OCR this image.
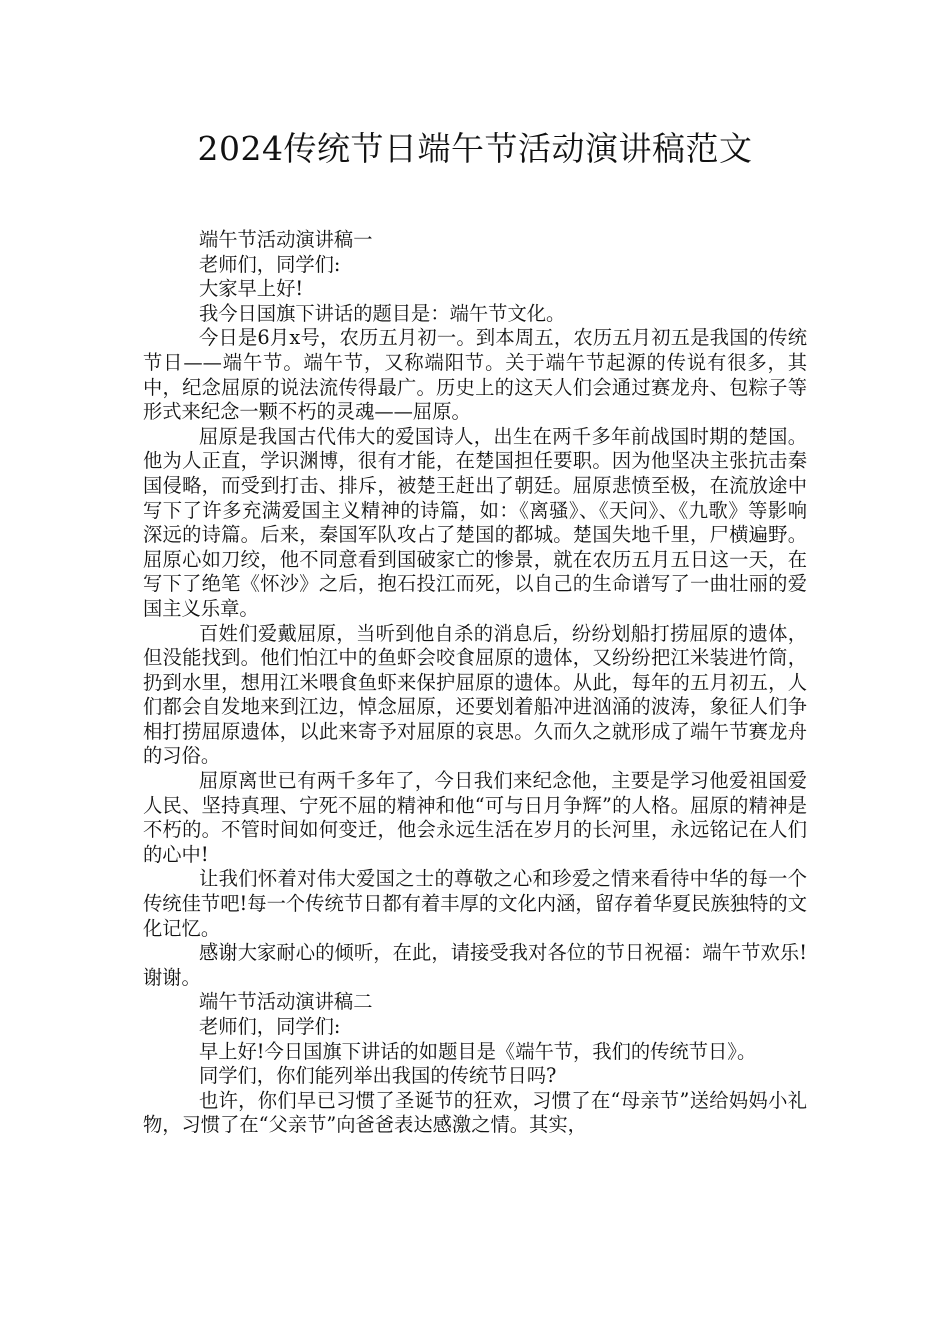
2024传统节日端午节活动演讲稿范文

端午节活动演讲稿一

老师们，同学们:

大家早上好!

我今日国旗下讲话的题目是：端午节文化。

今日是6月x号，农历五月初一。到本周五，农历五月初五是我国的传统节日——端午节。端午节，又称端阳节。关于端午节起源的传说有很多，其中，纪念屈原的说法流传得最广。历史上的这天人们会通过赛龙舟、包粽子等形式来纪念一颗不朽的灵魂——屈原。

屈原是我国古代伟大的爱国诗人，出生在两千多年前战国时期的楚国。他为人正直，学识渊博，很有才能，在楚国担任要职。因为他坚决主张抗击秦国侵略，而受到打击、排斥，被楚王赶出了朝廷。屈原悲愤至极，在流放途中写下了许多充满爱国主义精神的诗篇，如：《离骚》、《天问》、《九歌》等影响深远的诗篇。后来，秦国军队攻占了楚国的都城。楚国失地千里，尸横遍野。屈原心如刀绞，他不同意看到国破家亡的惨景，就在农历五月五日这一天，在写下了绝笔《怀沙》之后，抱石投江而死，以自己的生命谱写了一曲壮丽的爱国主义乐章。

百姓们爱戴屈原，当听到他自杀的消息后，纷纷划船打捞屈原的遗体，但没能找到。他们怕江中的鱼虾会咬食屈原的遗体，又纷纷把江米装进竹筒，扔到水里，想用江米喂食鱼虾来保护屈原的遗体。从此，每年的五月初五，人们都会自发地来到江边，悼念屈原，还要划着船冲进汹涌的波涛，象征人们争相打捞屈原遗体，以此来寄予对屈原的哀思。久而久之就形成了端午节赛龙舟的习俗。

屈原离世已有两千多年了，今日我们来纪念他，主要是学习他爱祖国爱人民、坚持真理、宁死不屈的精神和他“可与日月争辉”的人格。屈原的精神是不朽的。不管时间如何变迁，他会永远生活在岁月的长河里，永远铭记在人们的心中!

让我们怀着对伟大爱国之士的尊敬之心和珍爱之情来看待中华的每一个传统佳节吧!每一个传统节日都有着丰厚的文化内涵，留存着华夏民族独特的文化记忆。

感谢大家耐心的倾听，在此，请接受我对各位的节日祝福：端午节欢乐!谢谢。

端午节活动演讲稿二

老师们，同学们:

早上好!今日国旗下讲话的如题目是《端午节，我们的传统节日》。

同学们，你们能列举出我国的传统节日吗?

也许，你们早已习惯了圣诞节的狂欢，习惯了在“母亲节”送给妈妈小礼物，习惯了在“父亲节”向爸爸表达感激之情。其实，
